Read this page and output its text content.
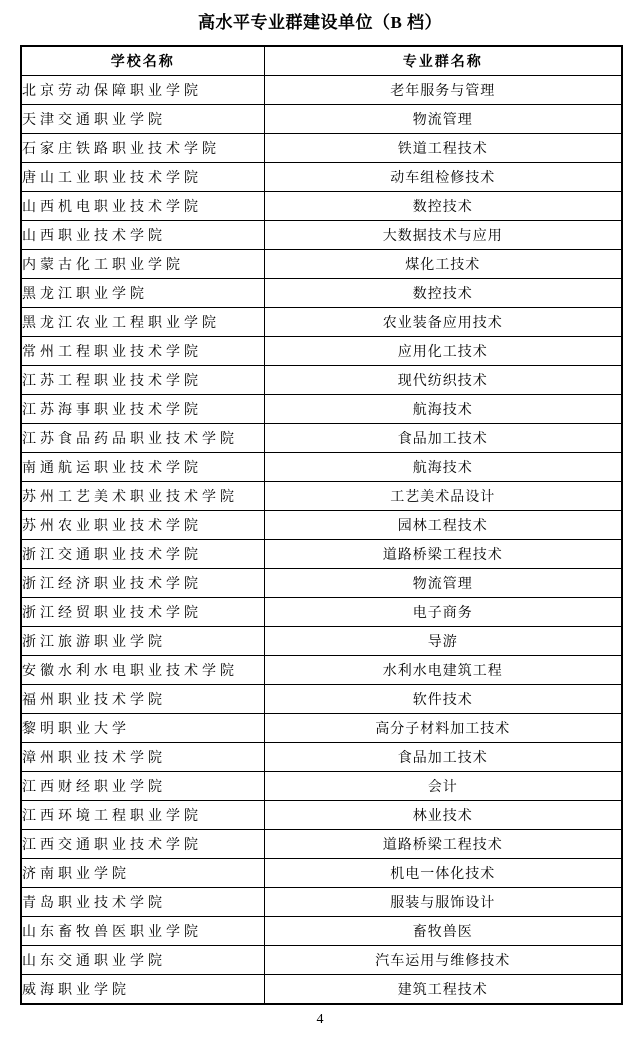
高水平专业群建设单位（B 档）
学校名称	专业群名称
北京劳动保障职业学院	老年服务与管理
天津交通职业学院	物流管理
石家庄铁路职业技术学院	铁道工程技术
唐山工业职业技术学院	动车组检修技术
山西机电职业技术学院	数控技术
山西职业技术学院	大数据技术与应用
内蒙古化工职业学院	煤化工技术
黑龙江职业学院	数控技术
黑龙江农业工程职业学院	农业装备应用技术
常州工程职业技术学院	应用化工技术
江苏工程职业技术学院	现代纺织技术
江苏海事职业技术学院	航海技术
江苏食品药品职业技术学院	食品加工技术
南通航运职业技术学院	航海技术
苏州工艺美术职业技术学院	工艺美术品设计
苏州农业职业技术学院	园林工程技术
浙江交通职业技术学院	道路桥梁工程技术
浙江经济职业技术学院	物流管理
浙江经贸职业技术学院	电子商务
浙江旅游职业学院	导游
安徽水利水电职业技术学院	水利水电建筑工程
福州职业技术学院	软件技术
黎明职业大学	高分子材料加工技术
漳州职业技术学院	食品加工技术
江西财经职业学院	会计
江西环境工程职业学院	林业技术
江西交通职业技术学院	道路桥梁工程技术
济南职业学院	机电一体化技术
青岛职业技术学院	服装与服饰设计
山东畜牧兽医职业学院	畜牧兽医
山东交通职业学院	汽车运用与维修技术
威海职业学院	建筑工程技术
4
